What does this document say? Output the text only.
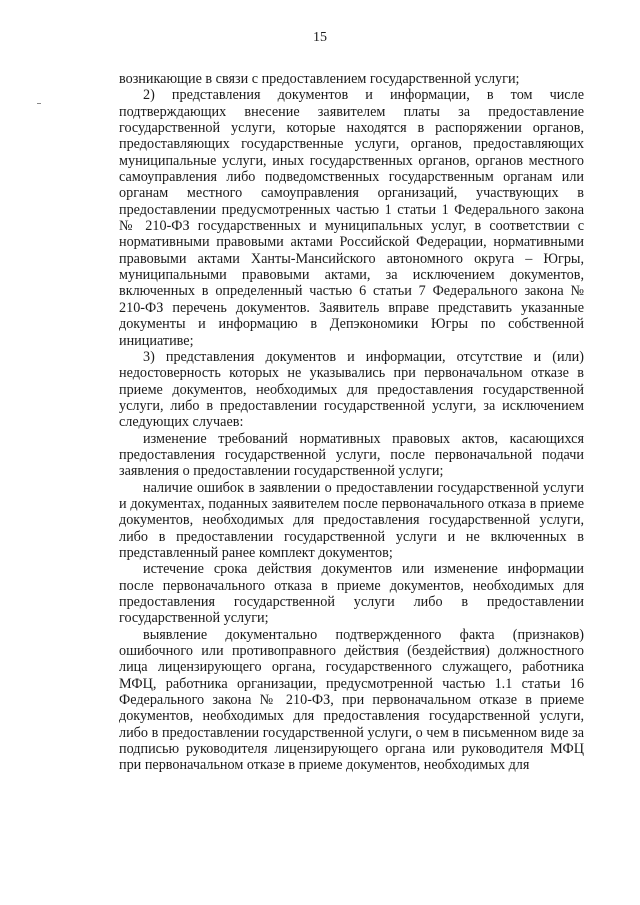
15

возникающие в связи с предоставлением государственной услуги;

2) представления документов и информации, в том числе подтверждающих внесение заявителем платы за предоставление государственной услуги, которые находятся в распоряжении органов, предоставляющих государственные услуги, органов, предоставляющих муниципальные услуги, иных государственных органов, органов местного самоуправления либо подведомственных государственным органам или органам местного самоуправления организаций, участвующих в предоставлении предусмотренных частью 1 статьи 1 Федерального закона № 210-ФЗ государственных и муниципальных услуг, в соответствии с нормативными правовыми актами Российской Федерации, нормативными правовыми актами Ханты-Мансийского автономного округа – Югры, муниципальными правовыми актами, за исключением документов, включенных в определенный частью 6 статьи 7 Федерального закона № 210-ФЗ перечень документов. Заявитель вправе представить указанные документы и информацию в Депэкономики Югры по собственной инициативе;

3) представления документов и информации, отсутствие и (или) недостоверность которых не указывались при первоначальном отказе в приеме документов, необходимых для предоставления государственной услуги, либо в предоставлении государственной услуги, за исключением следующих случаев:

изменение требований нормативных правовых актов, касающихся предоставления государственной услуги, после первоначальной подачи заявления о предоставлении государственной услуги;

наличие ошибок в заявлении о предоставлении государственной услуги и документах, поданных заявителем после первоначального отказа в приеме документов, необходимых для предоставления государственной услуги, либо в предоставлении государственной услуги и не включенных в представленный ранее комплект документов;

истечение срока действия документов или изменение информации после первоначального отказа в приеме документов, необходимых для предоставления государственной услуги либо в предоставлении государственной услуги;

выявление документально подтвержденного факта (признаков) ошибочного или противоправного действия (бездействия) должностного лица лицензирующего органа, государственного служащего, работника МФЦ, работника организации, предусмотренной частью 1.1 статьи 16 Федерального закона № 210-ФЗ, при первоначальном отказе в приеме документов, необходимых для предоставления государственной услуги, либо в предоставлении государственной услуги, о чем в письменном виде за подписью руководителя лицензирующего органа или руководителя МФЦ при первоначальном отказе в приеме документов, необходимых для
